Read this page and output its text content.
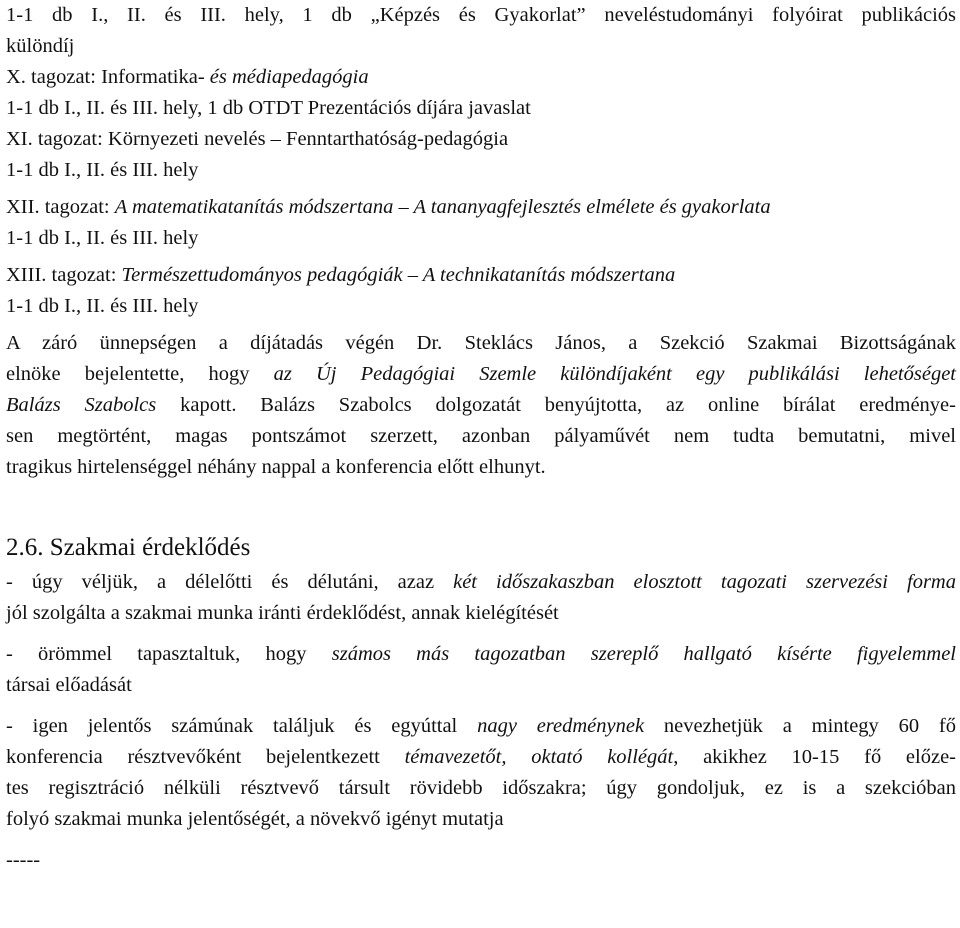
1-1 db I., II. és III. hely, 1 db „Képzés és Gyakorlat” neveléstudományi folyóirat publikációs
különdíj
X. tagozat: Informatika- és médiapedagógia
1-1 db I., II. és III. hely, 1 db OTDT Prezentációs díjára javaslat
XI. tagozat: Környezeti nevelés – Fenntarthatóság-pedagógia
1-1 db I., II. és III. hely
XII. tagozat: A matematikatanítás módszertana – A tananyagfejlesztés elmélete és gyakorlata
1-1 db I., II. és III. hely
XIII. tagozat: Természettudományos pedagógiák – A technikatanítás módszertana
1-1 db I., II. és III. hely
A záró ünnepségen a díjátadás végén Dr. Steklács János, a Szekció Szakmai Bizottságának
elnöke bejelentette, hogy az Új Pedagógiai Szemle különdíjaként egy publikálási lehetőséget
Balázs Szabolcs kapott. Balázs Szabolcs dolgozatát benyújtotta, az online bírálat eredménye-
sen megtörtént, magas pontszámot szerzett, azonban pályaművét nem tudta bemutatni, mivel
tragikus hirtelenséggel néhány nappal a konferencia előtt elhunyt.
2.6. Szakmai érdeklődés
- úgy véljük, a délelőtti és délutáni, azaz két időszakaszban elosztott tagozati szervezési forma
jól szolgálta a szakmai munka iránti érdeklődést, annak kielégítését
- örömmel tapasztaltuk, hogy számos más tagozatban szereplő hallgató kísérte figyelemmel
társai előadását
- igen jelentős számúnak találjuk és egyúttal nagy eredménynek nevezhetjük a mintegy 60 fő
konferencia résztvevőként bejelentkezett témavezetőt, oktató kollégát, akikhez 10-15 fő előze-
tes regisztráció nélküli résztvevő társult rövidebb időszakra; úgy gondoljuk, ez is a szekcióban
folyó szakmai munka jelentőségét, a növekvő igényt mutatja
-----
